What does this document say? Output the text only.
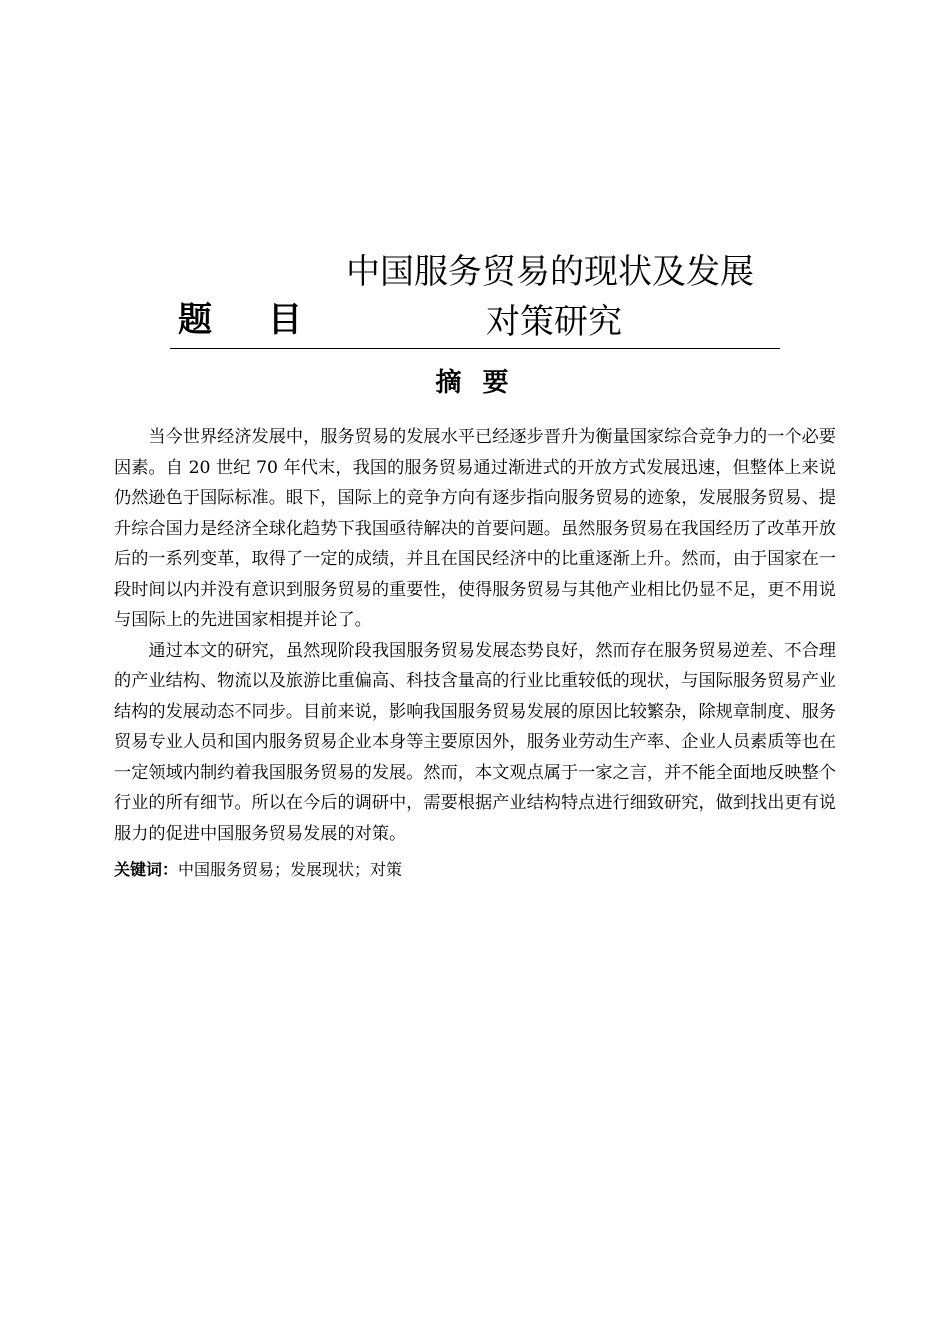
题 目
中国服务贸易的现状及发展
对策研究
摘 要

当今世界经济发展中，服务贸易的发展水平已经逐步晋升为衡量国家综合竞争力的一个必要因素。自 20 世纪 70 年代末，我国的服务贸易通过渐进式的开放方式发展迅速，但整体上来说仍然逊色于国际标准。眼下，国际上的竞争方向有逐步指向服务贸易的迹象，发展服务贸易、提升综合国力是经济全球化趋势下我国亟待解决的首要问题。虽然服务贸易在我国经历了改革开放后的一系列变革，取得了一定的成绩，并且在国民经济中的比重逐渐上升。然而，由于国家在一段时间以内并没有意识到服务贸易的重要性，使得服务贸易与其他产业相比仍显不足，更不用说与国际上的先进国家相提并论了。

通过本文的研究，虽然现阶段我国服务贸易发展态势良好，然而存在服务贸易逆差、不合理的产业结构、物流以及旅游比重偏高、科技含量高的行业比重较低的现状，与国际服务贸易产业结构的发展动态不同步。目前来说，影响我国服务贸易发展的原因比较繁杂，除规章制度、服务贸易专业人员和国内服务贸易企业本身等主要原因外，服务业劳动生产率、企业人员素质等也在一定领域内制约着我国服务贸易的发展。然而，本文观点属于一家之言，并不能全面地反映整个行业的所有细节。所以在今后的调研中，需要根据产业结构特点进行细致研究，做到找出更有说服力的促进中国服务贸易发展的对策。

关键词：中国服务贸易；发展现状；对策
